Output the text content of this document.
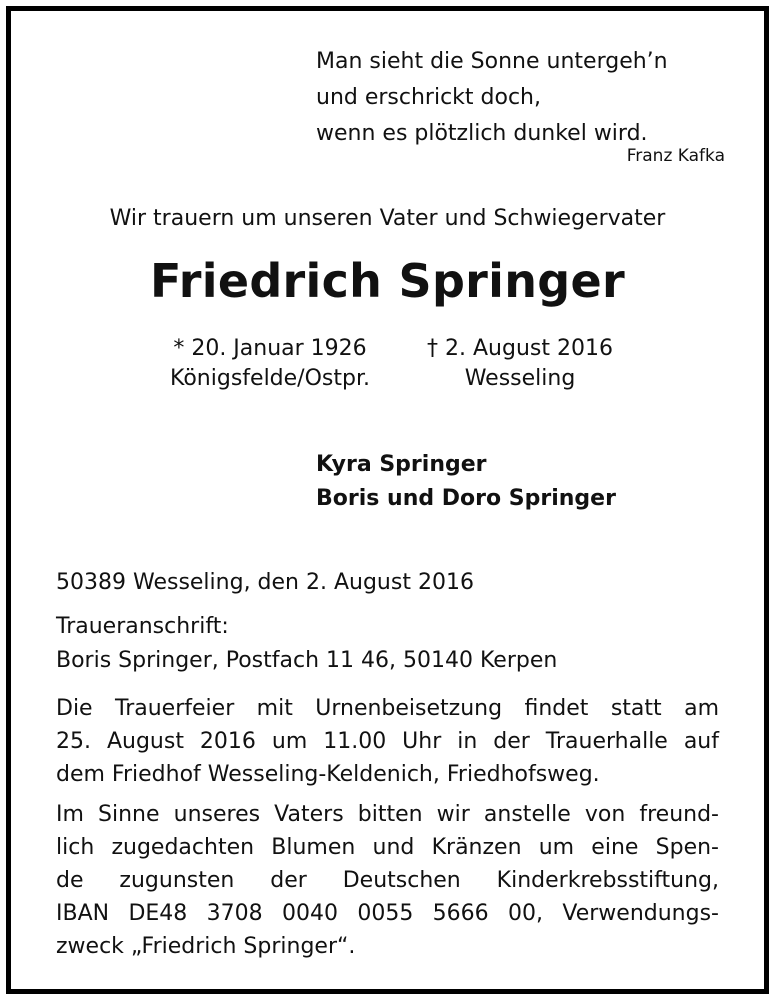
Man sieht die Sonne untergeh’n
und erschrickt doch,
wenn es plötzlich dunkel wird.
Franz Kafka
Wir trauern um unseren Vater und Schwiegervater
Friedrich Springer
* 20. Januar 1926
Königsfelde/Ostpr.
† 2. August 2016
Wesseling
Kyra Springer
Boris und Doro Springer
50389 Wesseling, den 2. August 2016
Traueranschrift:
Boris Springer, Postfach 11 46, 50140 Kerpen
Die Trauerfeier mit Urnenbeisetzung findet statt am
25. August 2016 um 11.00 Uhr in der Trauerhalle auf
dem Friedhof Wesseling-Keldenich, Friedhofsweg.
Im Sinne unseres Vaters bitten wir anstelle von freund-
lich zugedachten Blumen und Kränzen um eine Spen-
de zugunsten der Deutschen Kinderkrebsstiftung,
IBAN DE48 3708 0040 0055 5666 00, Verwendungs-
zweck „Friedrich Springer“.
